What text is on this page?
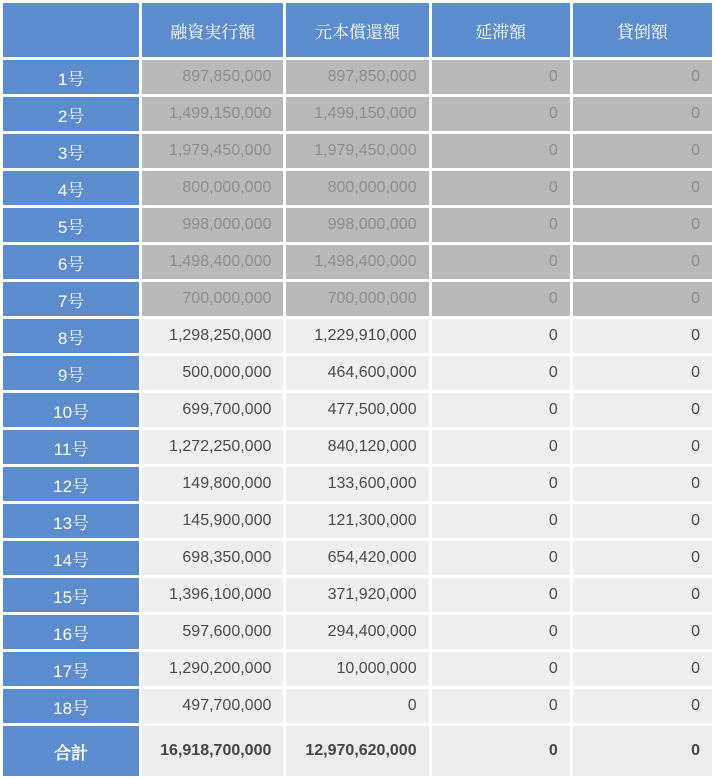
	融資実行額	元本償還額	延滞額	貸倒額
1号	897,850,000	897,850,000	0	0
2号	1,499,150,000	1,499,150,000	0	0
3号	1,979,450,000	1,979,450,000	0	0
4号	800,000,000	800,000,000	0	0
5号	998,000,000	998,000,000	0	0
6号	1,498,400,000	1,498,400,000	0	0
7号	700,000,000	700,000,000	0	0
8号	1,298,250,000	1,229,910,000	0	0
9号	500,000,000	464,600,000	0	0
10号	699,700,000	477,500,000	0	0
11号	1,272,250,000	840,120,000	0	0
12号	149,800,000	133,600,000	0	0
13号	145,900,000	121,300,000	0	0
14号	698,350,000	654,420,000	0	0
15号	1,396,100,000	371,920,000	0	0
16号	597,600,000	294,400,000	0	0
17号	1,290,200,000	10,000,000	0	0
18号	497,700,000	0	0	0
合計	16,918,700,000	12,970,620,000	0	0
